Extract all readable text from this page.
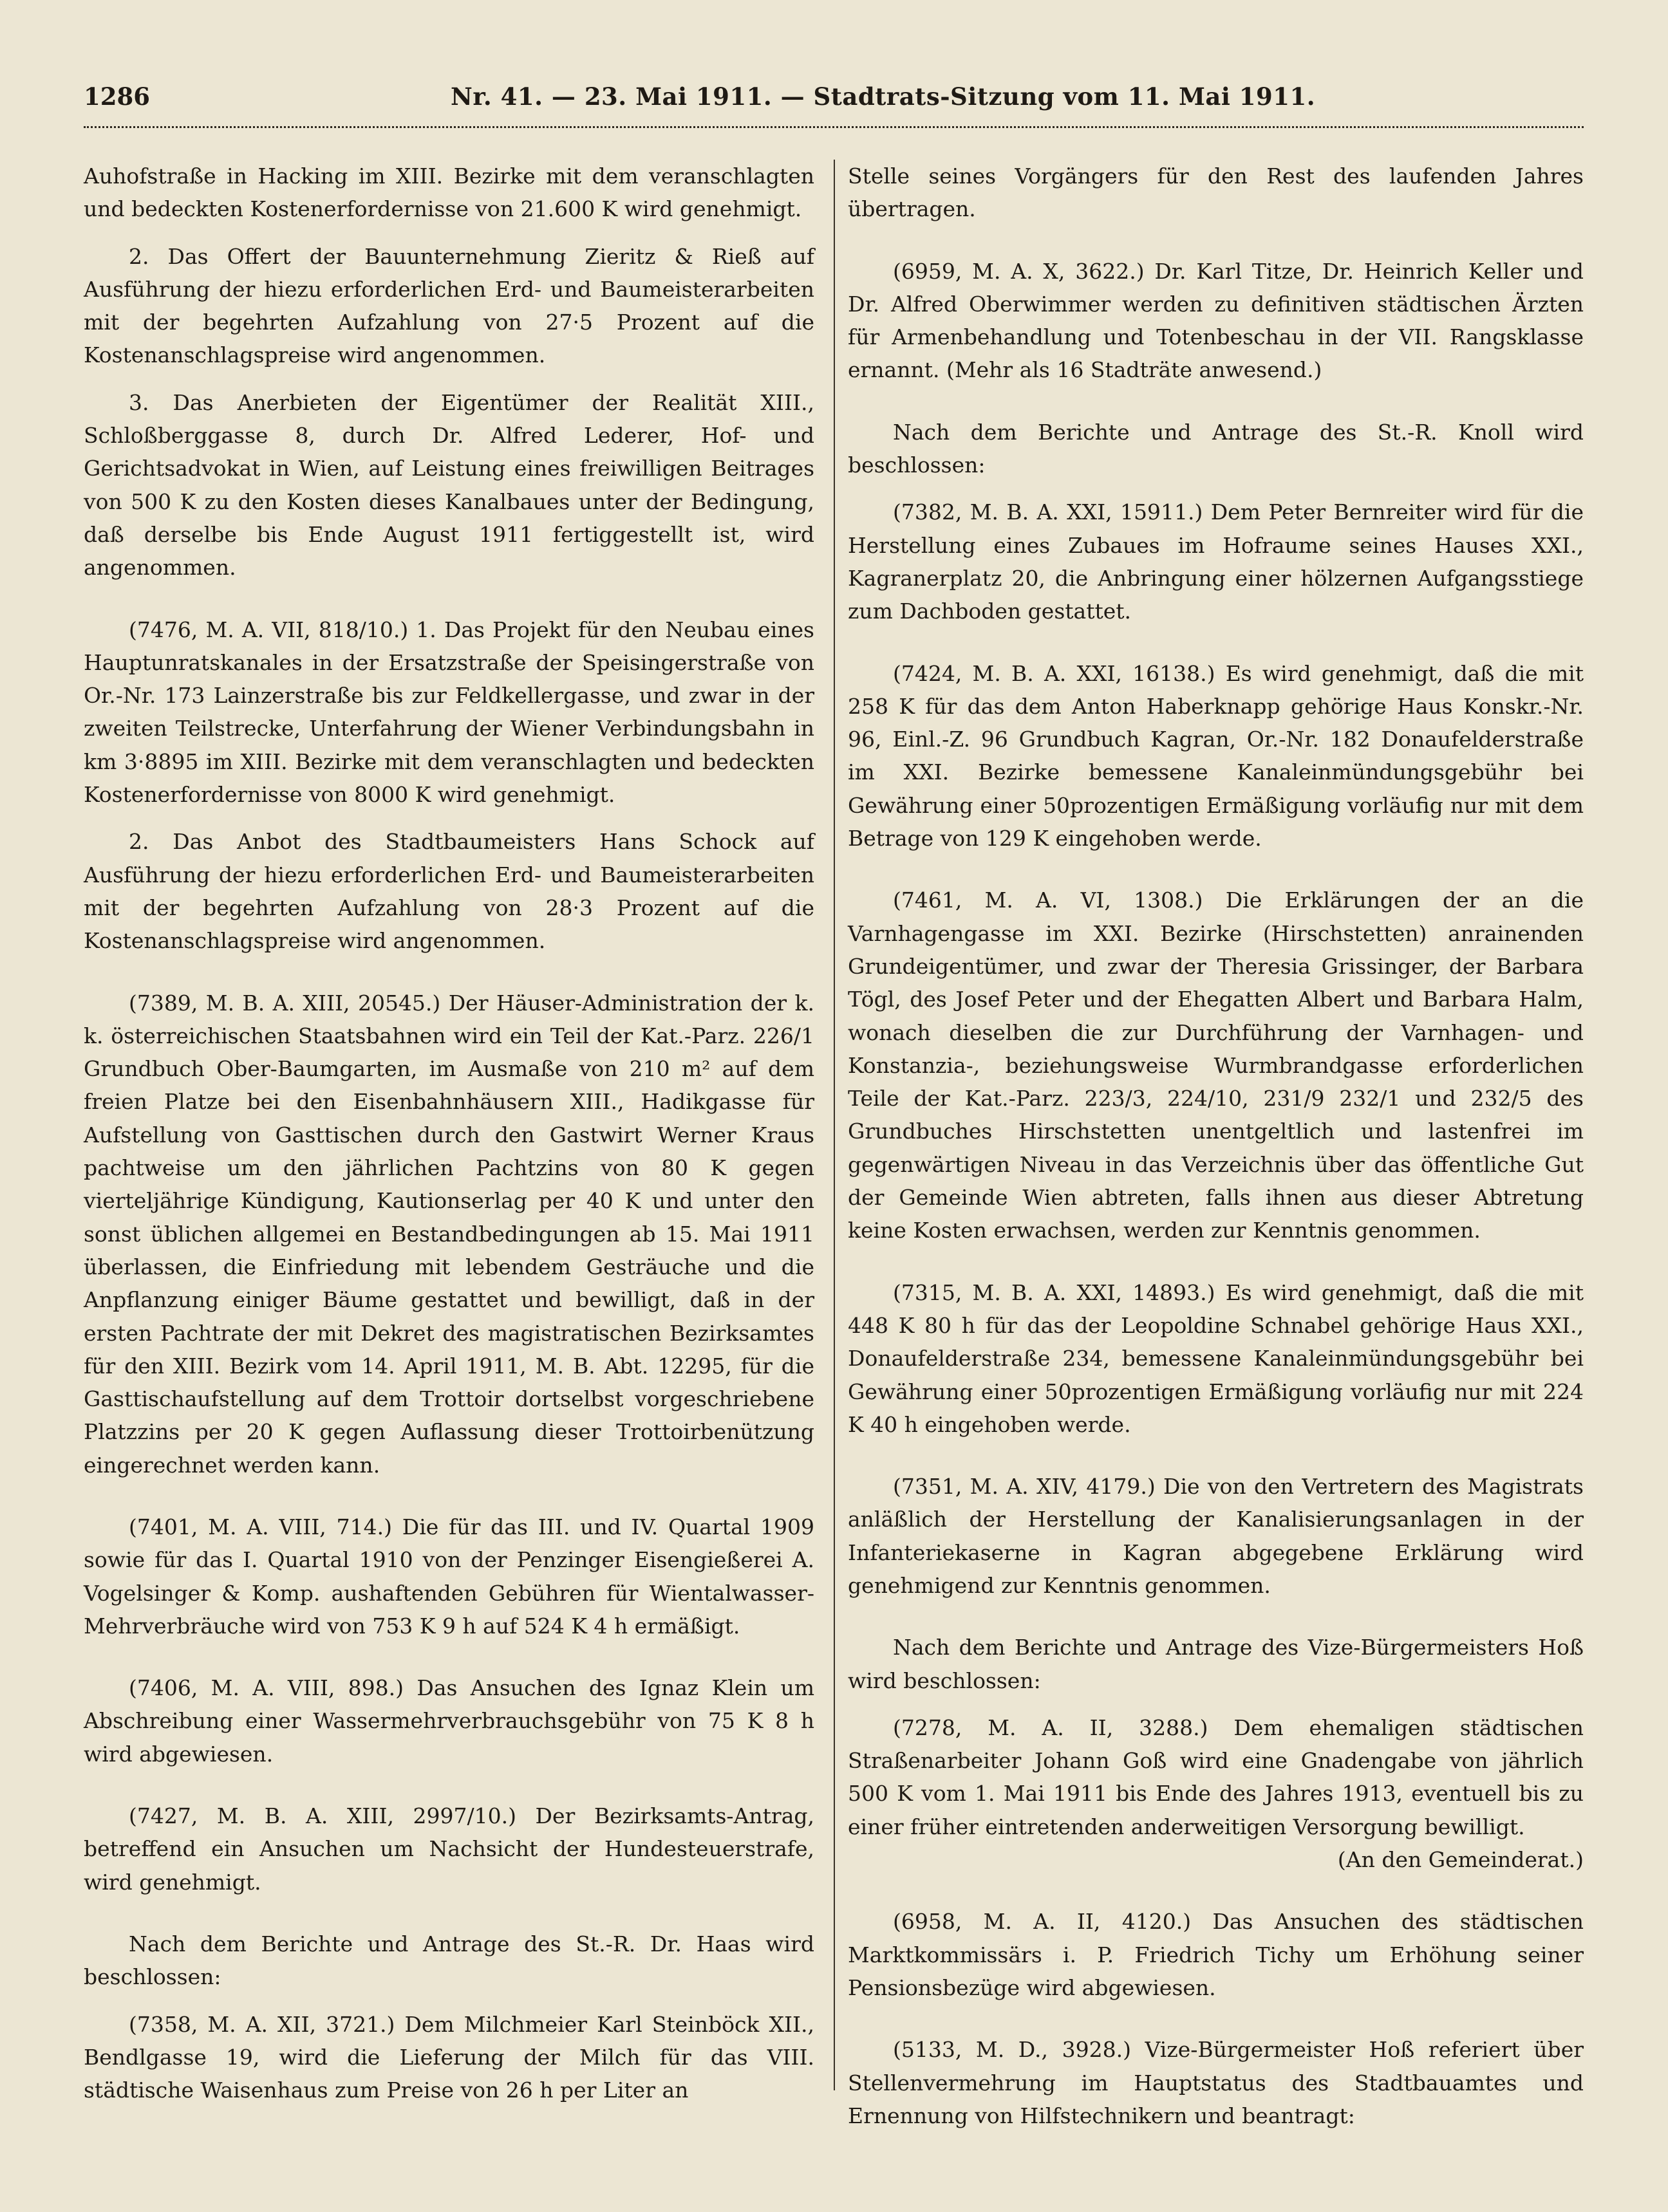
1286	Nr. 41. — 23. Mai 1911. — Stadtrats-Sitzung vom 11. Mai 1911.

Auhofstraße in Hacking im XIII. Bezirke mit dem veranschlagten und bedeckten Kostenerfordernisse von 21.600 K wird genehmigt.

2. Das Offert der Bauunternehmung Zieritz & Rieß auf Ausführung der hiezu erforderlichen Erd- und Baumeisterarbeiten mit der begehrten Aufzahlung von 27·5 Prozent auf die Kostenanschlagspreise wird angenommen.

3. Das Anerbieten der Eigentümer der Realität XIII., Schloßberggasse 8, durch Dr. Alfred Lederer, Hof- und Gerichtsadvokat in Wien, auf Leistung eines freiwilligen Beitrages von 500 K zu den Kosten dieses Kanalbaues unter der Bedingung, daß derselbe bis Ende August 1911 fertiggestellt ist, wird angenommen.

(7476, M. A. VII, 818/10.) 1. Das Projekt für den Neubau eines Hauptunratskanales in der Ersatzstraße der Speisingerstraße von Or.-Nr. 173 Lainzerstraße bis zur Feldkellergasse, und zwar in der zweiten Teilstrecke, Unterfahrung der Wiener Verbindungsbahn in km 3·8895 im XIII. Bezirke mit dem veranschlagten und bedeckten Kostenerfordernisse von 8000 K wird genehmigt.

2. Das Anbot des Stadtbaumeisters Hans Schock auf Ausführung der hiezu erforderlichen Erd- und Baumeisterarbeiten mit der begehrten Aufzahlung von 28·3 Prozent auf die Kostenanschlagspreise wird angenommen.

(7389, M. B. A. XIII, 20545.) Der Häuser-Administration der k. k. österreichischen Staatsbahnen wird ein Teil der Kat.-Parz. 226/1 Grundbuch Ober-Baumgarten, im Ausmaße von 210 m² auf dem freien Platze bei den Eisenbahnhäusern XIII., Hadikgasse für Aufstellung von Gasttischen durch den Gastwirt Werner Kraus pachtweise um den jährlichen Pachtzins von 80 K gegen vierteljährige Kündigung, Kautionserlag per 40 K und unter den sonst üblichen allgemei en Bestandbedingungen ab 15. Mai 1911 überlassen, die Einfriedung mit lebendem Gesträuche und die Anpflanzung einiger Bäume gestattet und bewilligt, daß in der ersten Pachtrate der mit Dekret des magistratischen Bezirksamtes für den XIII. Bezirk vom 14. April 1911, M. B. Abt. 12295, für die Gasttischaufstellung auf dem Trottoir dortselbst vorgeschriebene Platzzins per 20 K gegen Auflassung dieser Trottoirbenützung eingerechnet werden kann.

(7401, M. A. VIII, 714.) Die für das III. und IV. Quartal 1909 sowie für das I. Quartal 1910 von der Penzinger Eisengießerei A. Vogelsinger & Komp. aushaftenden Gebühren für Wientalwasser-Mehrverbräuche wird von 753 K 9 h auf 524 K 4 h ermäßigt.

(7406, M. A. VIII, 898.) Das Ansuchen des Ignaz Klein um Abschreibung einer Wassermehrverbrauchsgebühr von 75 K 8 h wird abgewiesen.

(7427, M. B. A. XIII, 2997/10.) Der Bezirksamts-Antrag, betreffend ein Ansuchen um Nachsicht der Hundesteuerstrafe, wird genehmigt.

Nach dem Berichte und Antrage des St.-R. Dr. Haas wird beschlossen:

(7358, M. A. XII, 3721.) Dem Milchmeier Karl Steinböck XII., Bendlgasse 19, wird die Lieferung der Milch für das VIII. städtische Waisenhaus zum Preise von 26 h per Liter an

Stelle seines Vorgängers für den Rest des laufenden Jahres übertragen.

(6959, M. A. X, 3622.) Dr. Karl Titze, Dr. Heinrich Keller und Dr. Alfred Oberwimmer werden zu definitiven städtischen Ärzten für Armenbehandlung und Totenbeschau in der VII. Rangsklasse ernannt. (Mehr als 16 Stadträte anwesend.)

Nach dem Berichte und Antrage des St.-R. Knoll wird beschlossen:

(7382, M. B. A. XXI, 15911.) Dem Peter Bernreiter wird für die Herstellung eines Zubaues im Hofraume seines Hauses XXI., Kagranerplatz 20, die Anbringung einer hölzernen Aufgangsstiege zum Dachboden gestattet.

(7424, M. B. A. XXI, 16138.) Es wird genehmigt, daß die mit 258 K für das dem Anton Haberknapp gehörige Haus Konskr.-Nr. 96, Einl.-Z. 96 Grundbuch Kagran, Or.-Nr. 182 Donaufelderstraße im XXI. Bezirke bemessene Kanaleinmündungsgebühr bei Gewährung einer 50prozentigen Ermäßigung vorläufig nur mit dem Betrage von 129 K eingehoben werde.

(7461, M. A. VI, 1308.) Die Erklärungen der an die Varnhagengasse im XXI. Bezirke (Hirschstetten) anrainenden Grundeigentümer, und zwar der Theresia Grissinger, der Barbara Tögl, des Josef Peter und der Ehegatten Albert und Barbara Halm, wonach dieselben die zur Durchführung der Varnhagen- und Konstanzia-, beziehungsweise Wurmbrandgasse erforderlichen Teile der Kat.-Parz. 223/3, 224/10, 231/9 232/1 und 232/5 des Grundbuches Hirschstetten unentgeltlich und lastenfrei im gegenwärtigen Niveau in das Verzeichnis über das öffentliche Gut der Gemeinde Wien abtreten, falls ihnen aus dieser Abtretung keine Kosten erwachsen, werden zur Kenntnis genommen.

(7315, M. B. A. XXI, 14893.) Es wird genehmigt, daß die mit 448 K 80 h für das der Leopoldine Schnabel gehörige Haus XXI., Donaufelderstraße 234, bemessene Kanaleinmündungsgebühr bei Gewährung einer 50prozentigen Ermäßigung vorläufig nur mit 224 K 40 h eingehoben werde.

(7351, M. A. XIV, 4179.) Die von den Vertretern des Magistrats anläßlich der Herstellung der Kanalisierungsanlagen in der Infanteriekaserne in Kagran abgegebene Erklärung wird genehmigend zur Kenntnis genommen.

Nach dem Berichte und Antrage des Vize-Bürgermeisters Hoß wird beschlossen:

(7278, M. A. II, 3288.) Dem ehemaligen städtischen Straßenarbeiter Johann Goß wird eine Gnadengabe von jährlich 500 K vom 1. Mai 1911 bis Ende des Jahres 1913, eventuell bis zu einer früher eintretenden anderweitigen Versorgung bewilligt.

(An den Gemeinderat.)

(6958, M. A. II, 4120.) Das Ansuchen des städtischen Marktkommissärs i. P. Friedrich Tichy um Erhöhung seiner Pensionsbezüge wird abgewiesen.

(5133, M. D., 3928.) Vize-Bürgermeister Hoß referiert über Stellenvermehrung im Hauptstatus des Stadtbauamtes und Ernennung von Hilfstechnikern und beantragt:
